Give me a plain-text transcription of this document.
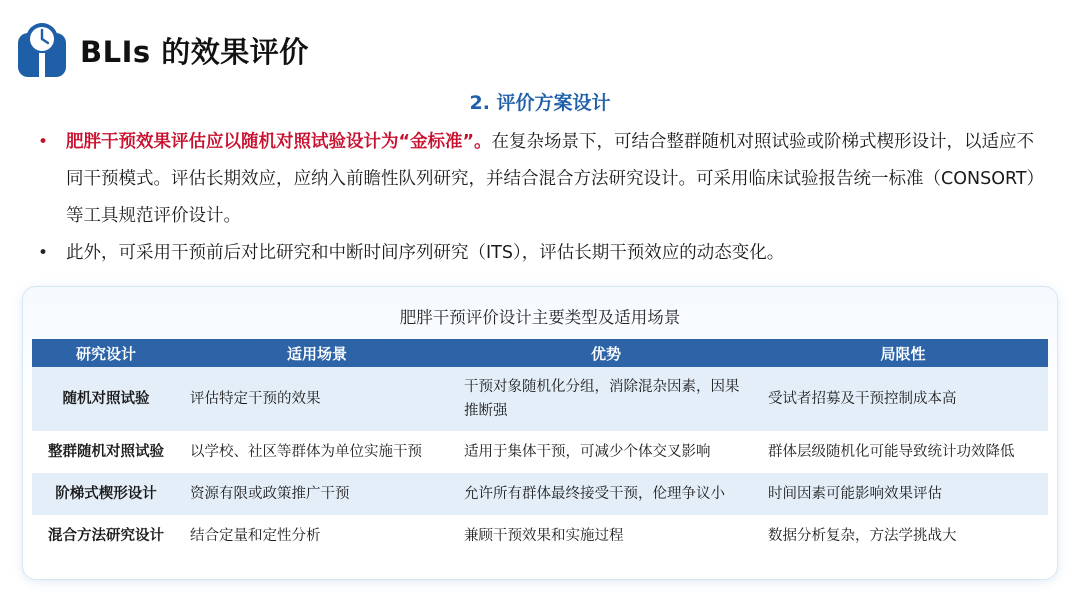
BLIs 的效果评价
2. 评价方案设计
• 肥胖干预效果评估应以随机对照试验设计为“金标准”。在复杂场景下，可结合整群随机对照试验或阶梯式楔形设计，以适应不同干预模式。评估长期效应，应纳入前瞻性队列研究，并结合混合方法研究设计。可采用临床试验报告统一标准（CONSORT）等工具规范评价设计。
• 此外，可采用干预前后对比研究和中断时间序列研究（ITS），评估长期干预效应的动态变化。
肥胖干预评价设计主要类型及适用场景
研究设计	适用场景	优势	局限性
随机对照试验	评估特定干预的效果	干预对象随机化分组，消除混杂因素，因果推断强	受试者招募及干预控制成本高
整群随机对照试验	以学校、社区等群体为单位实施干预	适用于集体干预，可减少个体交叉影响	群体层级随机化可能导致统计功效降低
阶梯式楔形设计	资源有限或政策推广干预	允许所有群体最终接受干预，伦理争议小	时间因素可能影响效果评估
混合方法研究设计	结合定量和定性分析	兼顾干预效果和实施过程	数据分析复杂，方法学挑战大
